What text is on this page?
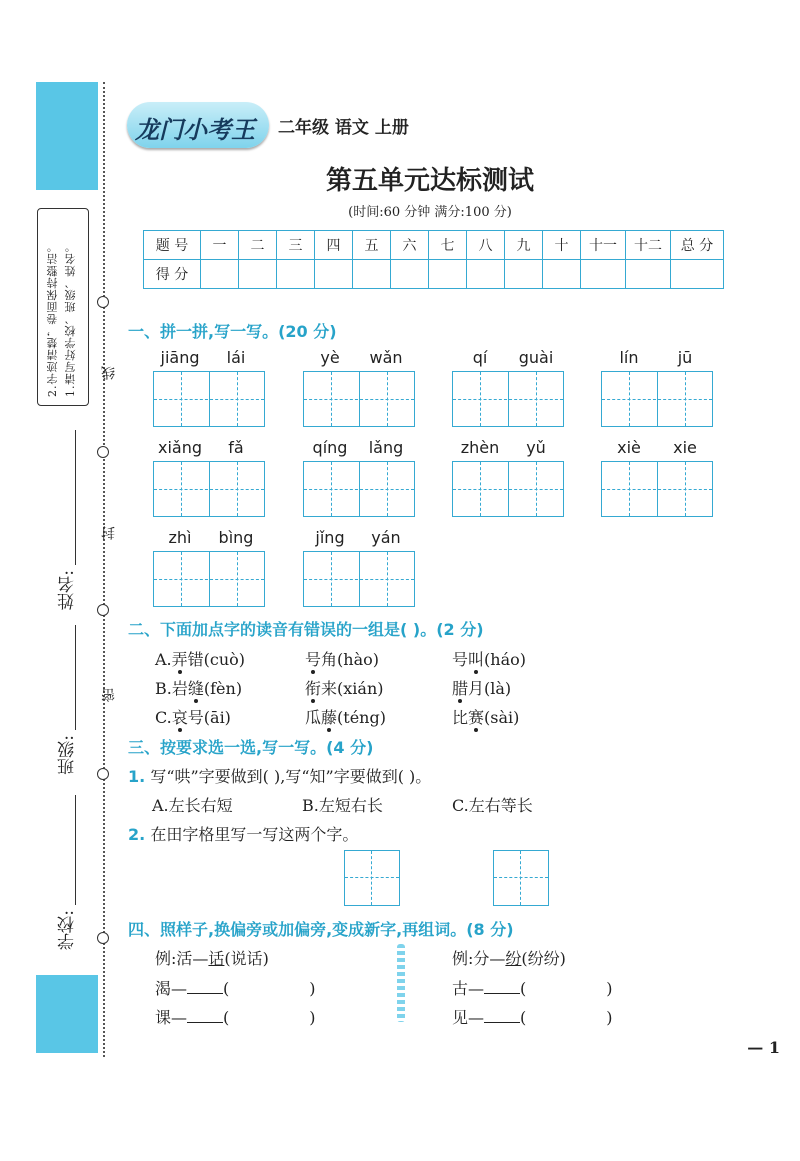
1.请写好学校、班级、姓名。
2.字迹清楚，卷面保持整洁。	线
封
密
姓名:
班级:
学校:
龙门小考王 二年级 语文 上册
第五单元达标测试
(时间:60 分钟 满分:100 分)
题 号	一	二	三	四	五	六	七	八	九	十	十一	十二	总 分
得 分													
一、拼一拼,写一写。(20 分)
jiāng	lái	yè	wǎn	qí	guài	lín	jū
xiǎng	fǎ	qíng	lǎng	zhèn	yǔ	xiè	xie
zhì	bìng	jǐng	yán
二、下面加点字的读音有错误的一组是( )。(2 分)
A.弄错(cuò)	号角(hào)	号叫(háo)
B.岩缝(fèn)	衔来(xián)	腊月(là)
C.哀号(āi)	瓜藤(téng)	比赛(sài)
三、按要求选一选,写一写。(4 分)
1. 写“哄”字要做到( ),写“知”字要做到( )。
A.左长右短	B.左短右长	C.左右等长
2. 在田字格里写一写这两个字。
四、照样子,换偏旁或加偏旁,变成新字,再组词。(8 分)
例:活—话(说话)
渴— (	)
课— (	)
例:分—纷(纷纷)
古— (	)
见— (	)
— 1
